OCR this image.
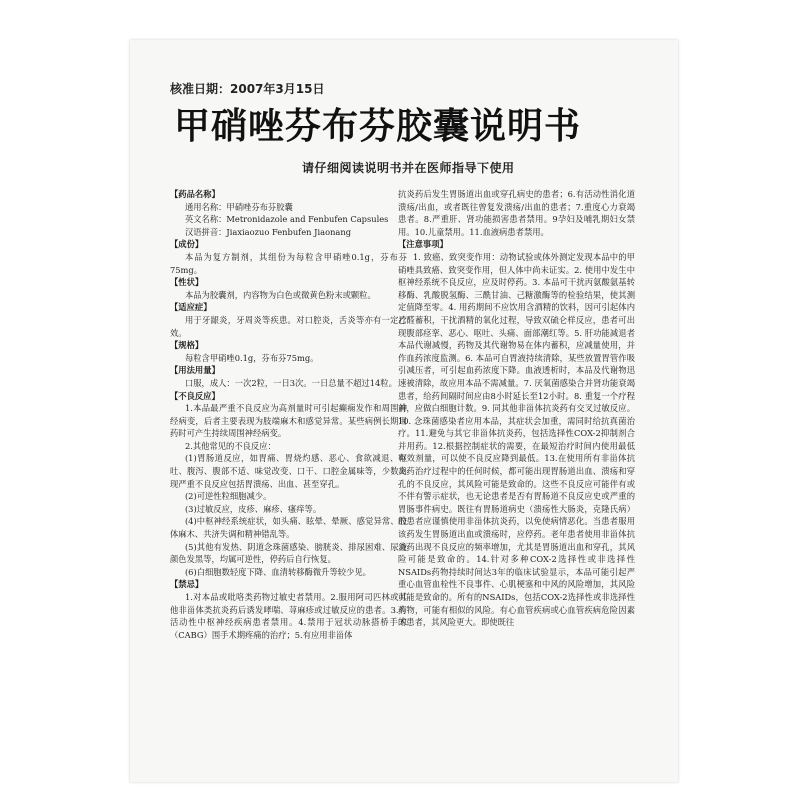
核准日期：2007年3月15日
甲硝唑芬布芬胶囊说明书
请仔细阅读说明书并在医师指导下使用

【药品名称】

通用名称：甲硝唑芬布芬胶囊

英文名称：Metronidazole and Fenbufen Capsules

汉语拼音：Jiaxiaozuo Fenbufen Jiaonang

【成份】

本品为复方制剂，其组份为每粒含甲硝唑0.1g，芬布芬75mg。

【性状】

本品为胶囊剂，内容物为白色或微黄色粉末或颗粒。

【适应症】

用于牙龈炎，牙周炎等疾患。对口腔炎，舌炎等亦有一定疗效。

【规格】

每粒含甲硝唑0.1g，芬布芬75mg。

【用法用量】

口服，成人：一次2粒，一日3次。一日总量不超过14粒。

【不良反应】

1.本品最严重不良反应为高剂量时可引起癫痫发作和周围神经病变，后者主要表现为肢端麻木和感觉异常。某些病例长期用药时可产生持续周围神经病变。

2.其他常见的不良反应：

(1)胃肠道反应，如胃痛、胃烧灼感、恶心、食欲减退、呕吐、腹泻、腹部不适、味觉改变、口干、口腔金属味等，少数出现严重不良反应包括胃溃疡、出血、甚至穿孔。

(2)可逆性粒细胞减少。

(3)过敏反应，皮疹、麻疹、瘙痒等。

(4)中枢神经系统症状，如头痛、眩晕、晕厥、感觉异常、肢体麻木、共济失调和精神错乱等。

(5)其他有发热、阴道念珠菌感染、膀胱炎、排尿困难、尿液颜色发黑等，均属可逆性，停药后自行恢复。

(6)白细胞数轻度下降、血清转移酶微升等较少见。

【禁忌】

1.对本品或吡咯类药物过敏史者禁用。2.服用阿司匹林或其他非甾体类抗炎药后诱发哮喘、荨麻疹或过敏反应的患者。3.有活动性中枢神经疾病患者禁用。4.禁用于冠状动脉搭桥手术（CABG）围手术期疼痛的治疗；5.有应用非甾体

抗炎药后发生胃肠道出血或穿孔病史的患者；6.有活动性消化道溃疡/出血，或者既往曾复发溃疡/出血的患者；7.重度心力衰竭患者。8.严重肝、肾功能损害患者禁用。9孕妇及哺乳期妇女禁用。10.儿童禁用。11.血液病患者禁用。

【注意事项】

1. 致癌、致突变作用：动物试验或体外测定发现本品中的甲硝唑具致癌、致突变作用，但人体中尚未证实。2. 使用中发生中枢神经系统不良反应，应及时停药。3. 本品可干扰丙氨酸氨基转移酶、乳酸脱氢酶、三酰甘油、己糖激酶等的检验结果，使其测定值降至零。4. 用药期间不应饮用含酒精的饮料，因可引起体内乙醛蓄积，干扰酒精的氧化过程，导致双硫仑样反应，患者可出现腹部痉挛、恶心、呕吐、头痛、面部潮红等。5. 肝功能减退者本品代谢减慢，药物及其代谢物易在体内蓄积，应减量使用，并作血药浓度监测。6. 本品可自胃液持续清除，某些放置胃管作吸引减压者，可引起血药浓度下降。血液透析时，本品及代谢物迅速被清除，故应用本品不需减量。7. 厌氧菌感染合并肾功能衰竭患者，给药间隔时间应由8小时延长至12小时。8. 重复一个疗程前，应做白细胞计数。9. 同其他非甾体抗炎药有交叉过敏反应。10. 念珠菌感染者应用本品，其症状会加重，需同时给抗真菌治疗。11.避免与其它非甾体抗炎药，包括选择性COX-2抑制剂合并用药。12.根据控制症状的需要，在最短治疗时间内使用最低有效剂量，可以使不良反应降到最低。13.在使用所有非甾体抗炎药治疗过程中的任何时候，都可能出现胃肠道出血、溃疡和穿孔的不良反应，其风险可能是致命的。这些不良反应可能伴有或不伴有警示症状，也无论患者是否有胃肠道不良反应史或严重的胃肠事件病史。既往有胃肠道病史（溃疡性大肠炎，克隆氏病）的患者应谨慎使用非甾体抗炎药，以免使病情恶化。当患者服用该药发生胃肠道出血或溃疡时，应停药。老年患者使用非甾体抗炎药出现不良反应的频率增加，尤其是胃肠道出血和穿孔，其风险可能是致命的。14.针对多种COX-2选择性或非选择性NSAIDs药物持续时间达3年的临床试验显示，本品可能引起严重心血管血栓性不良事件、心肌梗塞和中风的风险增加，其风险可能是致命的。所有的NSAIDs，包括COX-2选择性或非选择性药物，可能有相似的风险。有心血管疾病或心血管疾病危险因素的患者，其风险更大。即使既往
